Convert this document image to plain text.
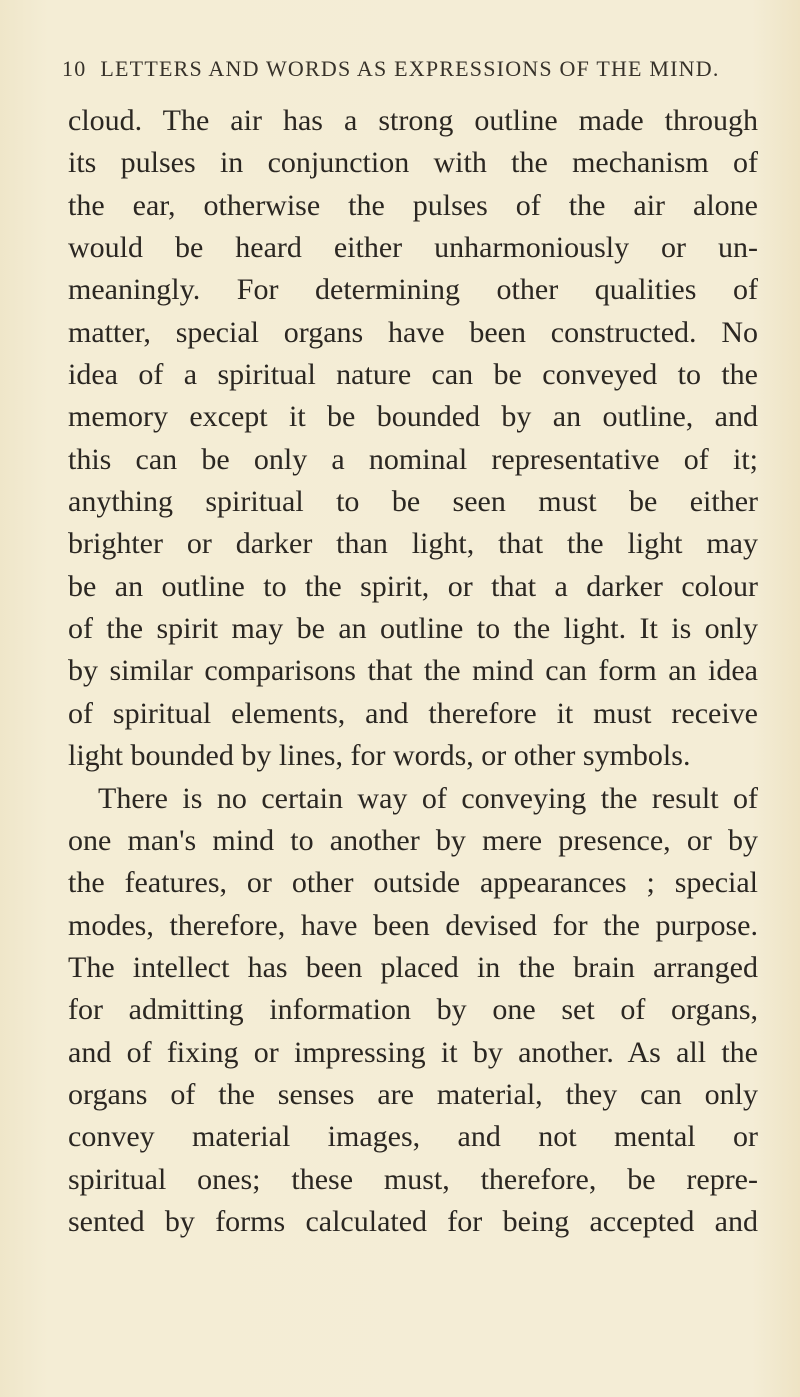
10 LETTERS AND WORDS AS EXPRESSIONS OF THE MIND.
cloud. The air has a strong outline made through
its pulses in conjunction with the mechanism of
the ear, otherwise the pulses of the air alone
would be heard either unharmoniously or un-
meaningly. For determining other qualities of
matter, special organs have been constructed. No
idea of a spiritual nature can be conveyed to the
memory except it be bounded by an outline, and
this can be only a nominal representative of it;
anything spiritual to be seen must be either
brighter or darker than light, that the light may
be an outline to the spirit, or that a darker colour
of the spirit may be an outline to the light. It is only
by similar comparisons that the mind can form an idea
of spiritual elements, and therefore it must receive
light bounded by lines, for words, or other symbols.
There is no certain way of conveying the result of
one man's mind to another by mere presence, or by
the features, or other outside appearances ; special
modes, therefore, have been devised for the purpose.
The intellect has been placed in the brain arranged
for admitting information by one set of organs,
and of fixing or impressing it by another. As all the
organs of the senses are material, they can only
convey material images, and not mental or
spiritual ones; these must, therefore, be repre-
sented by forms calculated for being accepted and
